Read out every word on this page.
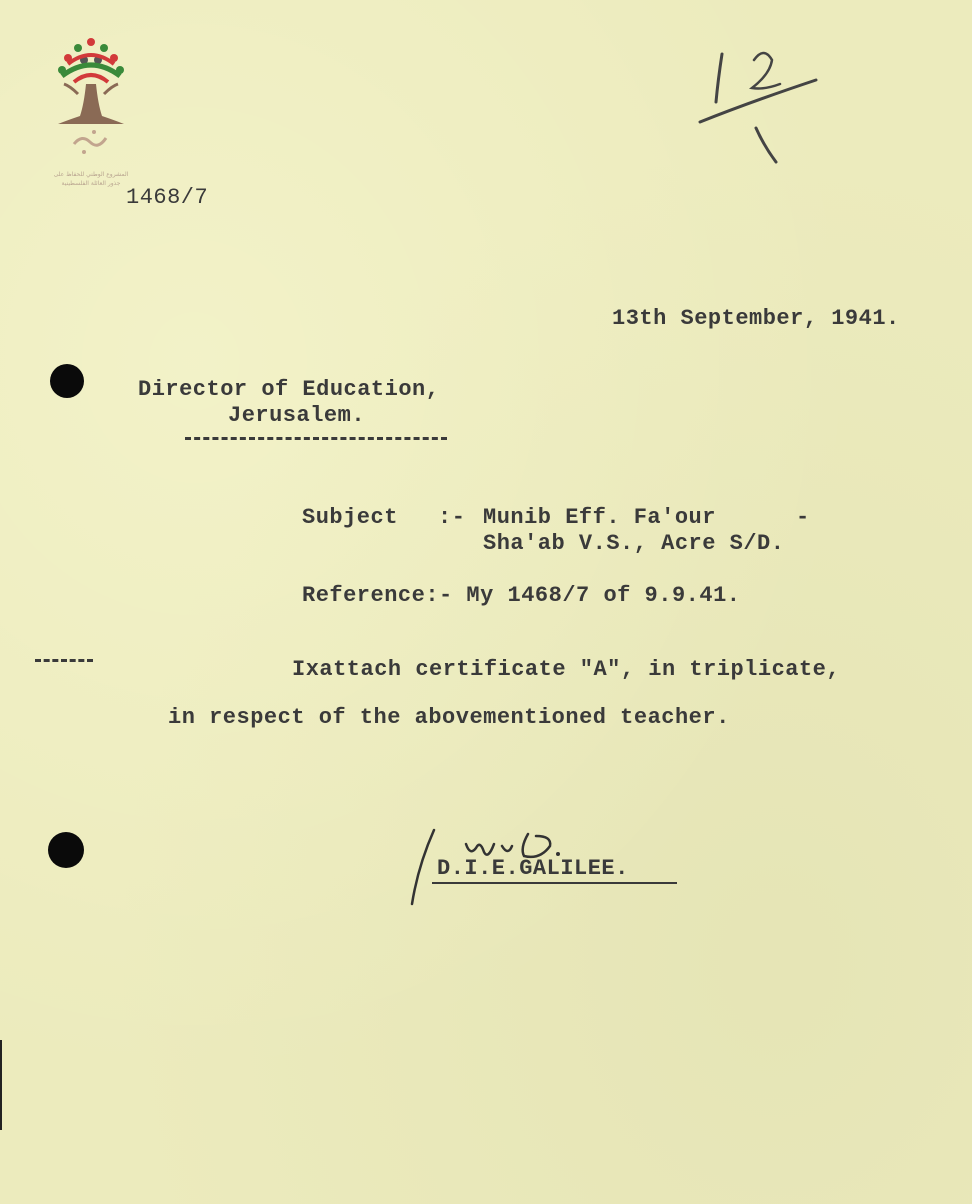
المشروع الوطني للحفاظ على
جذور العائلة الفلسطينية
1468/7
13th September, 1941.
Director of Education,
Jerusalem.
Subject :- Munib Eff. Fa'our	-
Sha'ab V.S., Acre S/D.
Reference:- My 1468/7 of 9.9.41.
Ixattach certificate "A", in triplicate,
in respect of the abovementioned teacher.
D.I.E.GALILEE.
